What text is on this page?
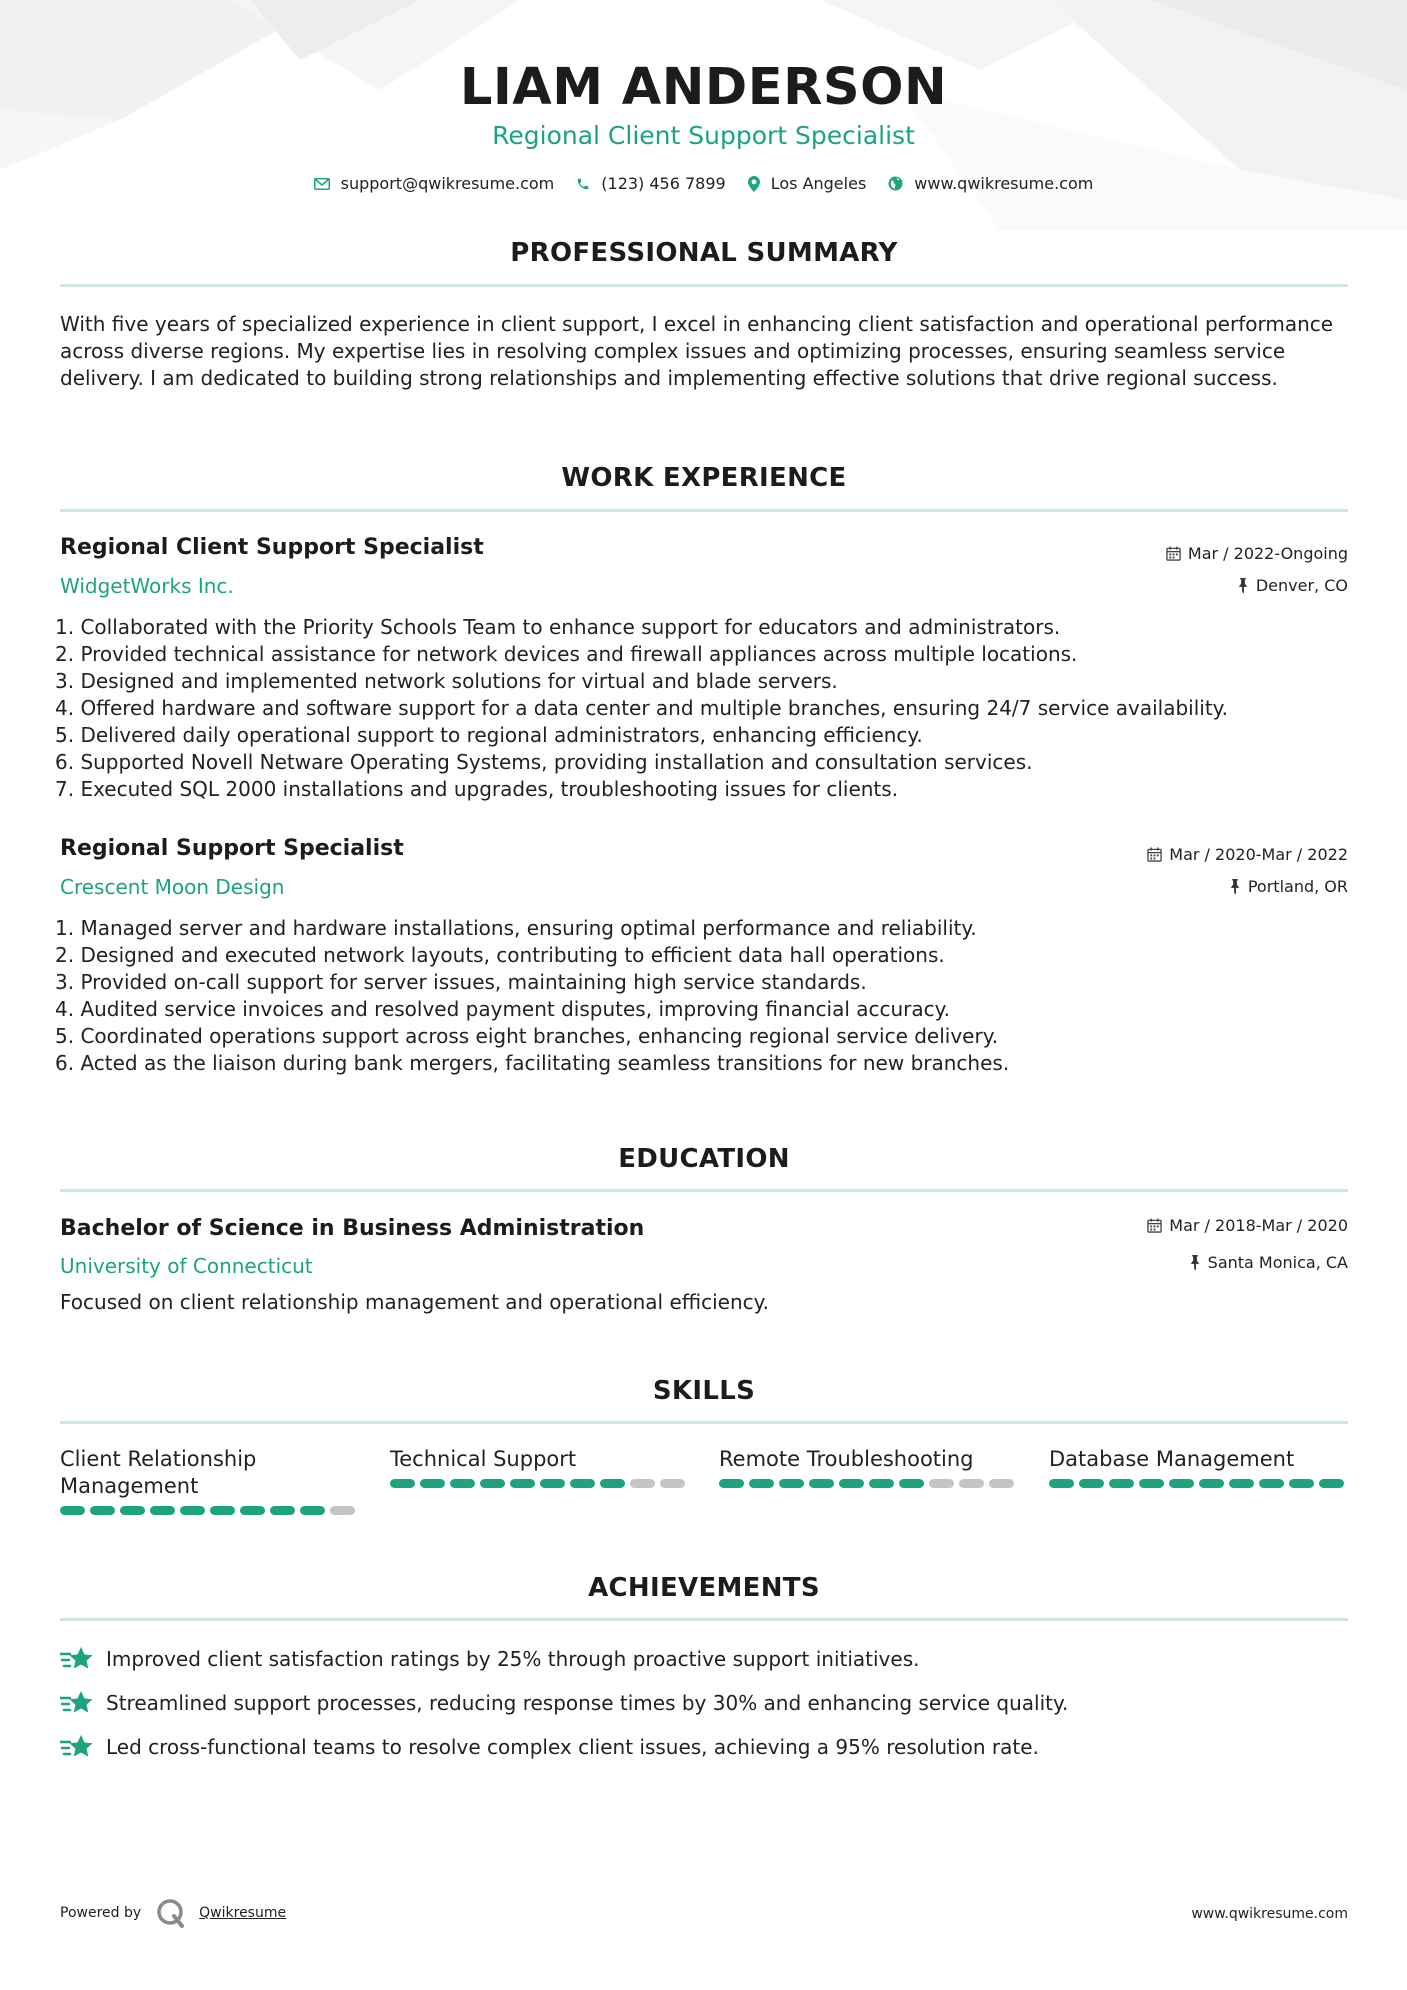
LIAM ANDERSON
Regional Client Support Specialist
support@qwikresume.com	(123) 456 7899	Los Angeles	www.qwikresume.com
PROFESSIONAL SUMMARY
With five years of specialized experience in client support, I excel in enhancing client satisfaction and operational performance across diverse regions. My expertise lies in resolving complex issues and optimizing processes, ensuring seamless service delivery. I am dedicated to building strong relationships and implementing effective solutions that drive regional success.
WORK EXPERIENCE
Regional Client Support Specialist	Mar / 2022-Ongoing
WidgetWorks Inc.	Denver, CO
1. Collaborated with the Priority Schools Team to enhance support for educators and administrators.
2. Provided technical assistance for network devices and firewall appliances across multiple locations.
3. Designed and implemented network solutions for virtual and blade servers.
4. Offered hardware and software support for a data center and multiple branches, ensuring 24/7 service availability.
5. Delivered daily operational support to regional administrators, enhancing efficiency.
6. Supported Novell Netware Operating Systems, providing installation and consultation services.
7. Executed SQL 2000 installations and upgrades, troubleshooting issues for clients.
Regional Support Specialist	Mar / 2020-Mar / 2022
Crescent Moon Design	Portland, OR
1. Managed server and hardware installations, ensuring optimal performance and reliability.
2. Designed and executed network layouts, contributing to efficient data hall operations.
3. Provided on-call support for server issues, maintaining high service standards.
4. Audited service invoices and resolved payment disputes, improving financial accuracy.
5. Coordinated operations support across eight branches, enhancing regional service delivery.
6. Acted as the liaison during bank mergers, facilitating seamless transitions for new branches.
EDUCATION
Bachelor of Science in Business Administration	Mar / 2018-Mar / 2020
University of Connecticut	Santa Monica, CA
Focused on client relationship management and operational efficiency.
SKILLS
Client Relationship
Management
Technical Support	Remote Troubleshooting	Database Management
ACHIEVEMENTS
Improved client satisfaction ratings by 25% through proactive support initiatives.
Streamlined support processes, reducing response times by 30% and enhancing service quality.
Led cross-functional teams to resolve complex client issues, achieving a 95% resolution rate.
Powered by	Qwikresume	www.qwikresume.com
